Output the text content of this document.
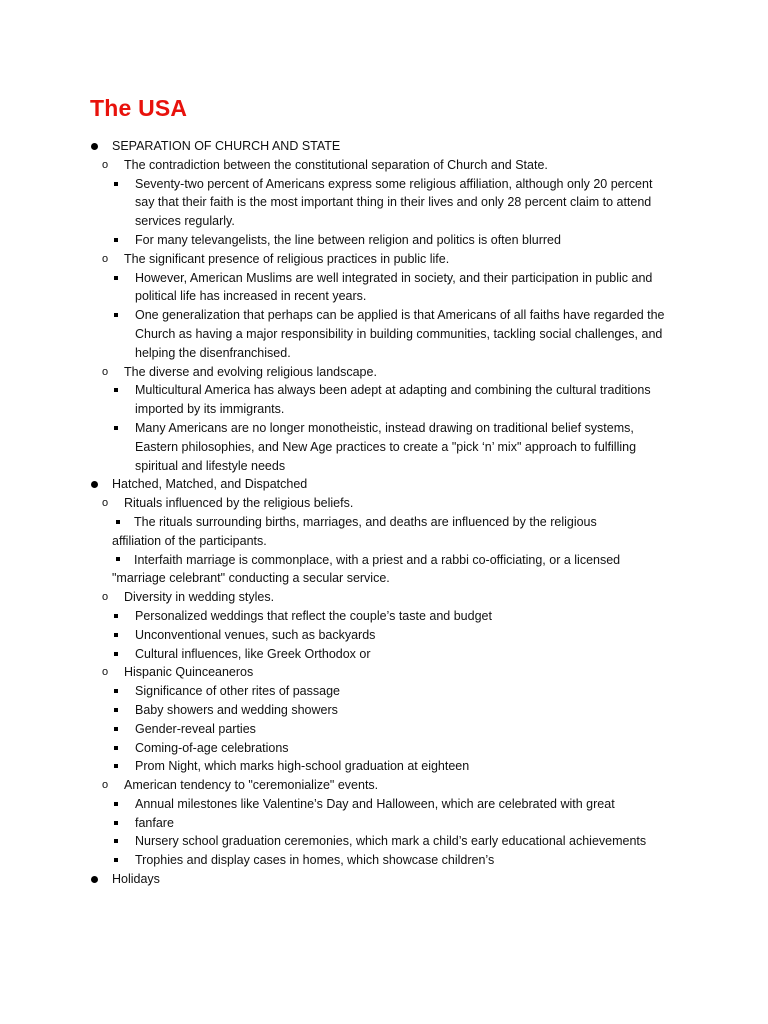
The USA
SEPARATION OF CHURCH AND STATE
o The contradiction between the constitutional separation of Church and State.
Seventy-two percent of Americans express some religious affiliation, although only 20 percent
say that their faith is the most important thing in their lives and only 28 percent claim to attend
services regularly.
For many televangelists, the line between religion and politics is often blurred
o The significant presence of religious practices in public life.
However, American Muslims are well integrated in society, and their participation in public and
political life has increased in recent years.
One generalization that perhaps can be applied is that Americans of all faiths have regarded the
Church as having a major responsibility in building communities, tackling social challenges, and
helping the disenfranchised.
o The diverse and evolving religious landscape.
Multicultural America has always been adept at adapting and combining the cultural traditions
imported by its immigrants.
Many Americans are no longer monotheistic, instead drawing on traditional belief systems,
Eastern philosophies, and New Age practices to create a "pick ‘n’ mix" approach to fulfilling
spiritual and lifestyle needs
Hatched, Matched, and Dispatched
o Rituals influenced by the religious beliefs.
The rituals surrounding births, marriages, and deaths are influenced by the religious
affiliation of the participants.
Interfaith marriage is commonplace, with a priest and a rabbi co-officiating, or a licensed
"marriage celebrant" conducting a secular service.
o Diversity in wedding styles.
Personalized weddings that reflect the couple’s taste and budget
Unconventional venues, such as backyards
Cultural influences, like Greek Orthodox or
o Hispanic Quinceaneros
Significance of other rites of passage
Baby showers and wedding showers
Gender-reveal parties
Coming-of-age celebrations
Prom Night, which marks high-school graduation at eighteen
o American tendency to "ceremonialize" events.
Annual milestones like Valentine’s Day and Halloween, which are celebrated with great
fanfare
Nursery school graduation ceremonies, which mark a child’s early educational achievements
Trophies and display cases in homes, which showcase children’s
Holidays
